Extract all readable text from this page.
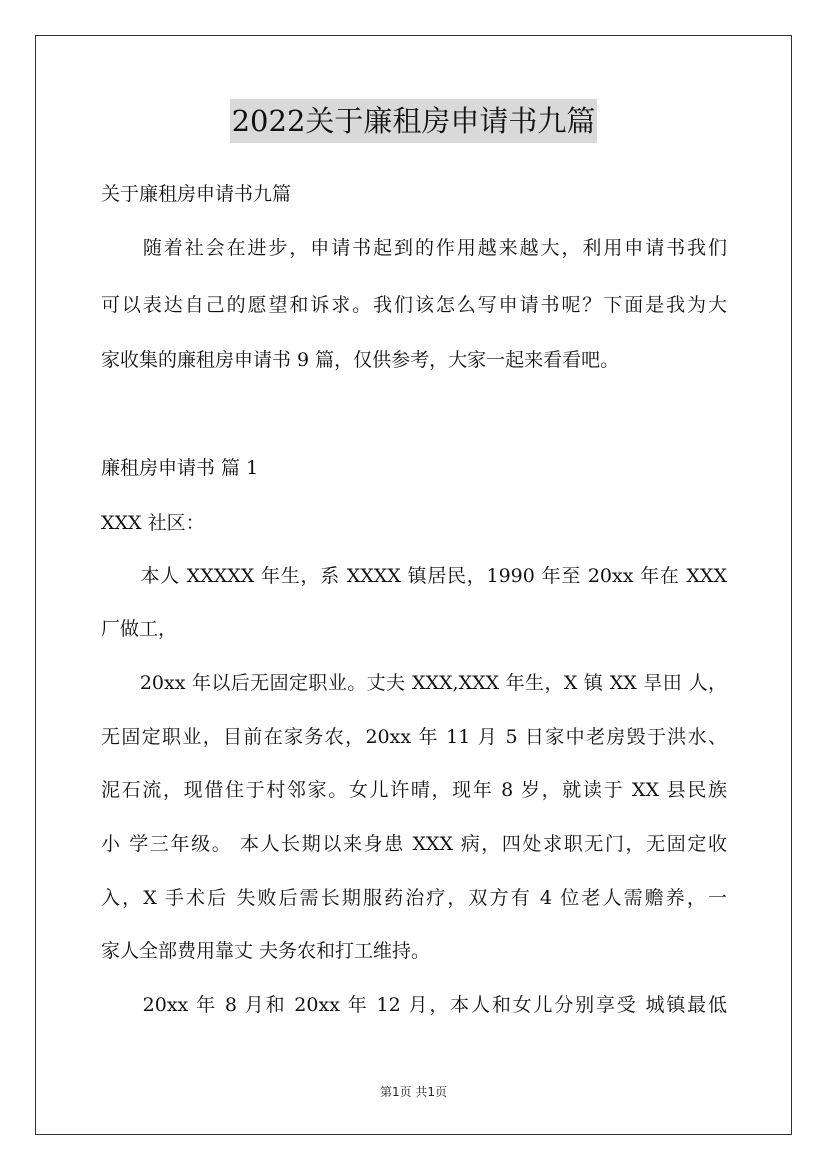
2022关于廉租房申请书九篇
关于廉租房申请书九篇
　　随着社会在进步，申请书起到的作用越来越大，利用申请书我们
可以表达自己的愿望和诉求。我们该怎么写申请书呢？下面是我为大
家收集的廉租房申请书 9 篇，仅供参考，大家一起来看看吧。
廉租房申请书 篇 1
XXX 社区：
　　本人 XXXXX 年生，系 XXXX 镇居民，1990 年至 20xx 年在 XXX
厂做工，
　　20xx 年以后无固定职业。丈夫 XXX,XXX 年生，X 镇 XX 旱田 人，
无固定职业，目前在家务农，20xx 年 11 月 5 日家中老房毁于洪水、
泥石流，现借住于村邻家。女儿许晴，现年 8 岁，就读于 XX 县民族
小 学三年级。 本人长期以来身患 XXX 病，四处求职无门，无固定收
入，X 手术后 失败后需长期服药治疗，双方有 4 位老人需赡养，一
家人全部费用靠丈 夫务农和打工维持。
　　20xx 年 8 月和 20xx 年 12 月，本人和女儿分别享受 城镇最低
第1页 共1页
